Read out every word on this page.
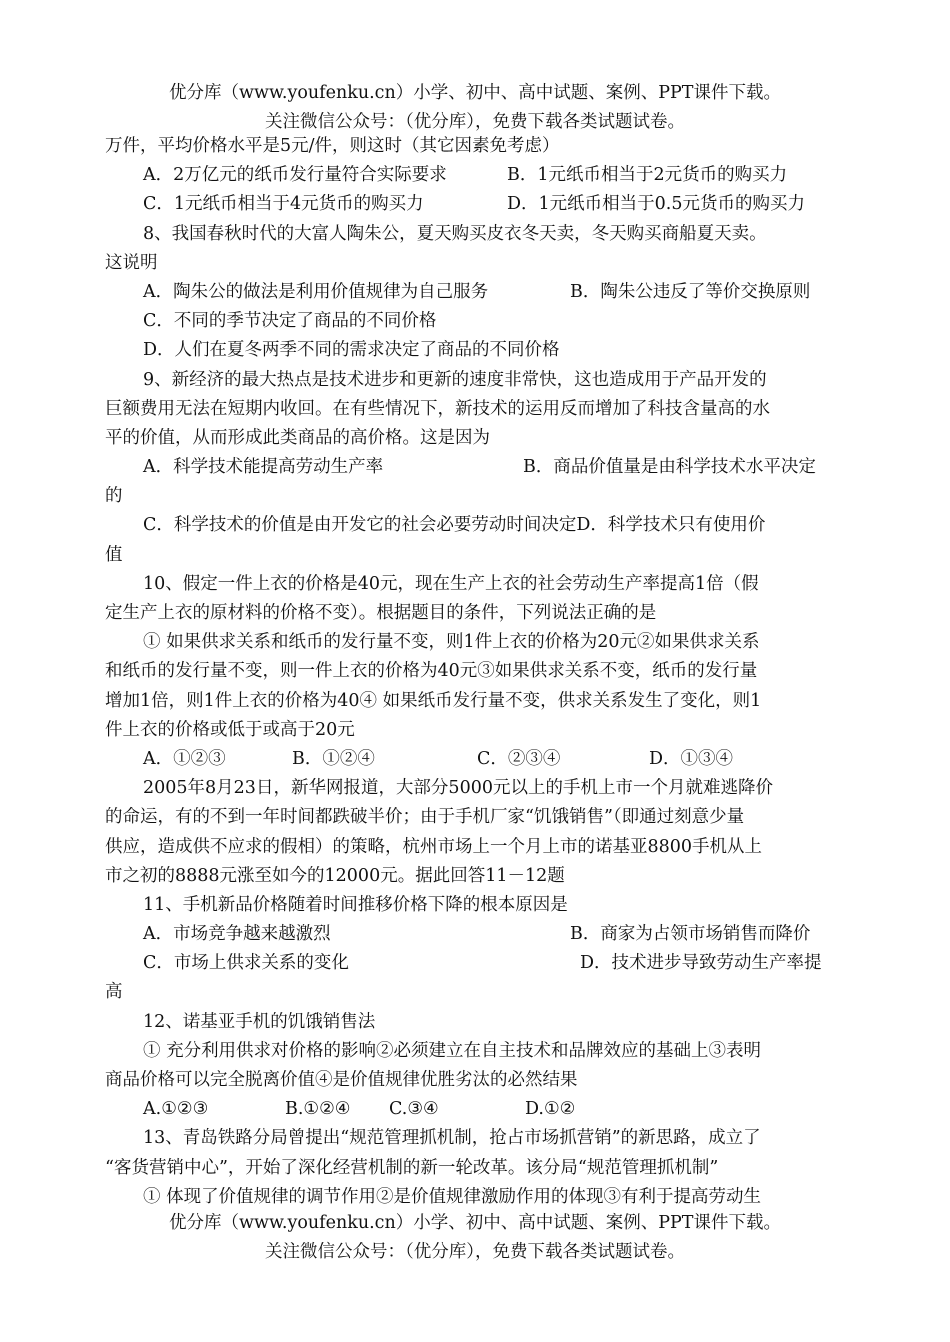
优分库（www.youfenku.cn）小学、初中、高中试题、案例、PPT课件下载。
关注微信公众号：（优分库），免费下载各类试题试卷。
万件，平均价格水平是5元/件，则这时（其它因素免考虑）
A．2万亿元的纸币发行量符合实际要求	B．1元纸币相当于2元货币的购买力
C．1元纸币相当于4元货币的购买力	D．1元纸币相当于0.5元货币的购买力
8、我国春秋时代的大富人陶朱公，夏天购买皮衣冬天卖，冬天购买商船夏天卖。
这说明
A．陶朱公的做法是利用价值规律为自己服务	B．陶朱公违反了等价交换原则
C．不同的季节决定了商品的不同价格
D．人们在夏冬两季不同的需求决定了商品的不同价格
9、新经济的最大热点是技术进步和更新的速度非常快，这也造成用于产品开发的
巨额费用无法在短期内收回。在有些情况下，新技术的运用反而增加了科技含量高的水
平的价值，从而形成此类商品的高价格。这是因为
A．科学技术能提高劳动生产率	B．商品价值量是由科学技术水平决定
的
C．科学技术的价值是由开发它的社会必要劳动时间决定D．科学技术只有使用价
值
10、假定一件上衣的价格是40元，现在生产上衣的社会劳动生产率提高1倍（假
定生产上衣的原材料的价格不变）。根据题目的条件，下列说法正确的是
① 如果供求关系和纸币的发行量不变，则1件上衣的价格为20元②如果供求关系
和纸币的发行量不变，则一件上衣的价格为40元③如果供求关系不变，纸币的发行量
增加1倍，则1件上衣的价格为40④ 如果纸币发行量不变，供求关系发生了变化，则1
件上衣的价格或低于或高于20元
A．①②③	B．①②④	C．②③④	D．①③④
2005年8月23日，新华网报道，大部分5000元以上的手机上市一个月就难逃降价
的命运，有的不到一年时间都跌破半价；由于手机厂家“饥饿销售”（即通过刻意少量
供应，造成供不应求的假相）的策略，杭州市场上一个月上市的诺基亚8800手机从上
市之初的8888元涨至如今的12000元。据此回答11－12题
11、手机新品价格随着时间推移价格下降的根本原因是
A．市场竞争越来越激烈	B．商家为占领市场销售而降价
C．市场上供求关系的变化	D．技术进步导致劳动生产率提
高
12、诺基亚手机的饥饿销售法
① 充分利用供求对价格的影响②必须建立在自主技术和品牌效应的基础上③表明
商品价格可以完全脱离价值④是价值规律优胜劣汰的必然结果
A.①②③	B.①②④ C.③④	D.①②
13、青岛铁路分局曾提出“规范管理抓机制，抢占市场抓营销”的新思路，成立了
“客货营销中心”，开始了深化经营机制的新一轮改革。该分局“规范管理抓机制”
① 体现了价值规律的调节作用②是价值规律激励作用的体现③有利于提高劳动生
优分库（www.youfenku.cn）小学、初中、高中试题、案例、PPT课件下载。
关注微信公众号：（优分库），免费下载各类试题试卷。
